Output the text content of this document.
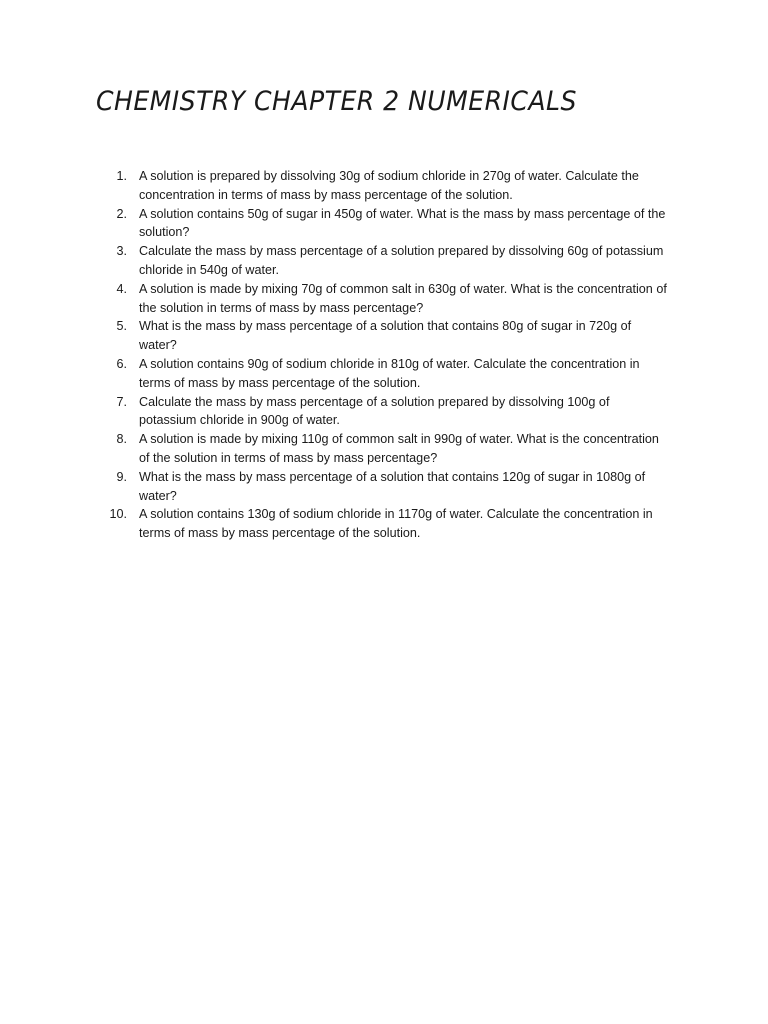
CHEMISTRY CHAPTER 2 NUMERICALS
1. A solution is prepared by dissolving 30g of sodium chloride in 270g of water. Calculate the concentration in terms of mass by mass percentage of the solution.
2. A solution contains 50g of sugar in 450g of water. What is the mass by mass percentage of the solution?
3. Calculate the mass by mass percentage of a solution prepared by dissolving 60g of potassium chloride in 540g of water.
4. A solution is made by mixing 70g of common salt in 630g of water. What is the concentration of the solution in terms of mass by mass percentage?
5. What is the mass by mass percentage of a solution that contains 80g of sugar in 720g of water?
6. A solution contains 90g of sodium chloride in 810g of water. Calculate the concentration in terms of mass by mass percentage of the solution.
7. Calculate the mass by mass percentage of a solution prepared by dissolving 100g of potassium chloride in 900g of water.
8. A solution is made by mixing 110g of common salt in 990g of water. What is the concentration of the solution in terms of mass by mass percentage?
9. What is the mass by mass percentage of a solution that contains 120g of sugar in 1080g of water?
10. A solution contains 130g of sodium chloride in 1170g of water. Calculate the concentration in terms of mass by mass percentage of the solution.
